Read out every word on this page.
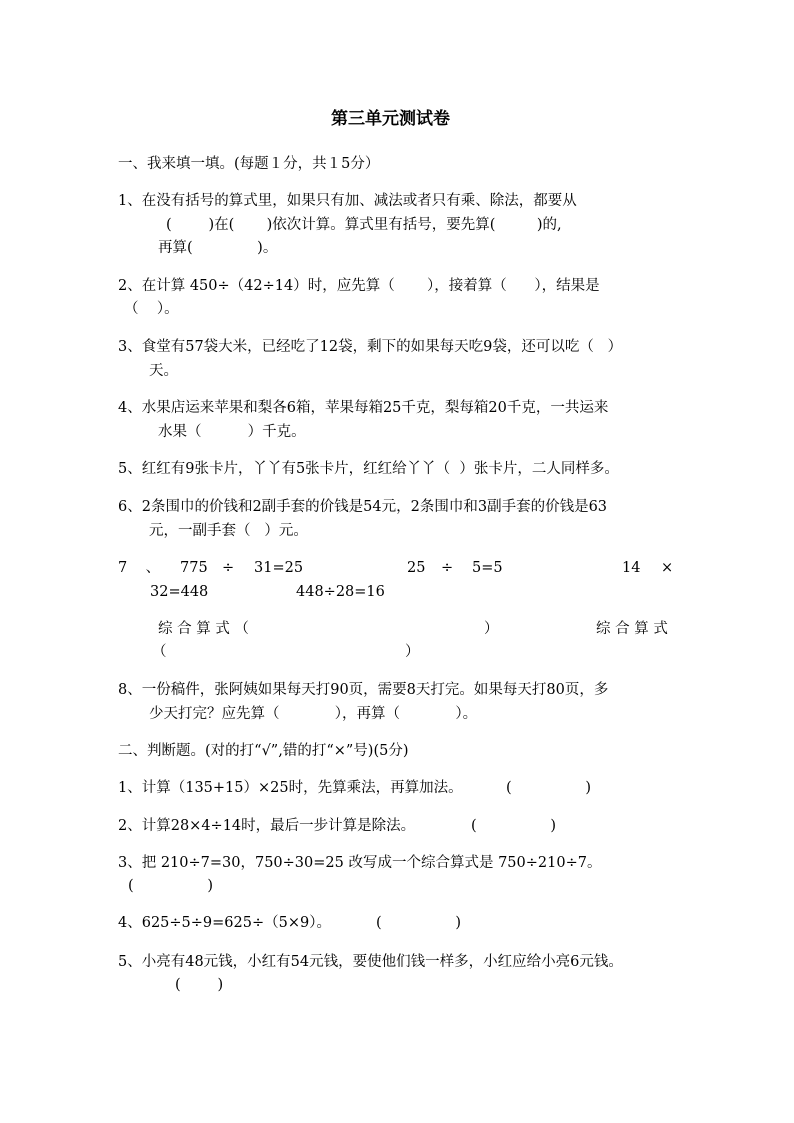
第三单元测试卷
一、我来填一填。(每题１分，共１5分）
1、在没有括号的算式里，如果只有加、减法或者只有乘、除法，都要从
(        )在(       )依次计算。算式里有括号，要先算(         )的,
再算(              )。
2、在计算 450÷（42÷14）时，应先算（       ），接着算（      ），结果是
（    ）。
3、食堂有57袋大米，已经吃了12袋，剩下的如果每天吃9袋，还可以吃（   ）
天。
4、水果店运来苹果和梨各6箱，苹果每箱25千克，梨每箱20千克，一共运来
水果（          ）千克。
5、红红有9张卡片，丫丫有5张卡片，红红给丫丫（  ）张卡片，二人同样多。
6、2条围巾的价钱和2副手套的价钱是54元，2条围巾和3副手套的价钱是63
元，一副手套（   ）元。
7    、 775 ÷ 31=25	25 ÷ 5=5	14 ×
32=448	448÷28=16
综 合 算 式 （	）	综 合 算 式
（	）
8、一份稿件，张阿姨如果每天打90页，需要8天打完。如果每天打80页，多
少天打完？应先算（            ），再算（            ）。
二、判断题。(对的打“√”,错的打“×”号)(5分)
1、计算（135+15）×25时，先算乘法，再算加法。	(                )
2、计算28×4÷14时，最后一步计算是除法。	(                )
3、把 210÷7=30，750÷30=25 改写成一个综合算式是 750÷210÷7。
(                )
4、625÷5÷9=625÷（5×9）。	(                )
5、小亮有48元钱，小红有54元钱，要使他们钱一样多，小红应给小亮6元钱。
(        )
